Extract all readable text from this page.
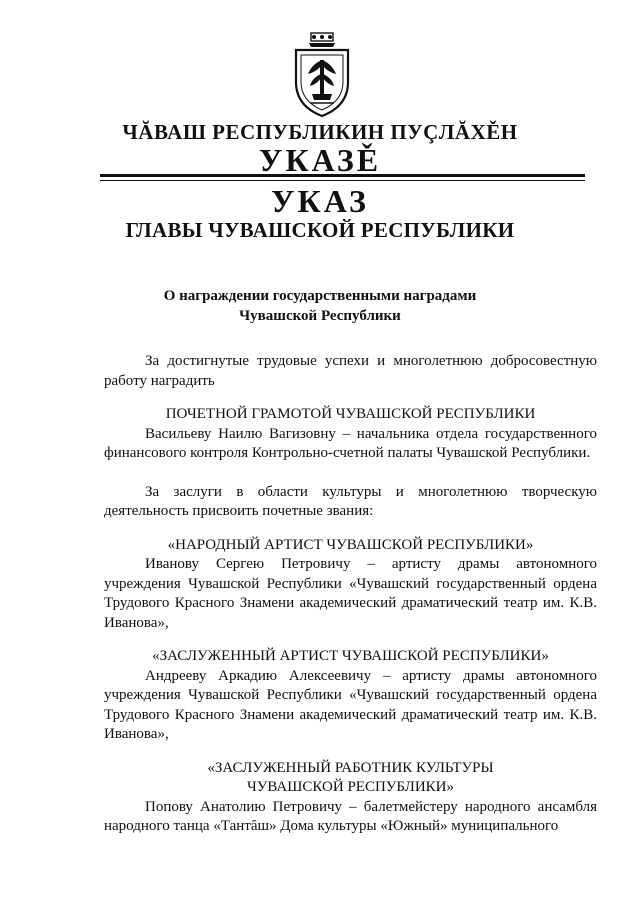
ЧĂВАШ РЕСПУБЛИКИН ПУÇЛĂХĚН
УКАЗĚ
УКАЗ
ГЛАВЫ ЧУВАШСКОЙ РЕСПУБЛИКИ
О награждении государственными наградами
Чувашской Республики

За достигнутые трудовые успехи и многолетнюю добросовестную работу наградить

ПОЧЕТНОЙ ГРАМОТОЙ ЧУВАШСКОЙ РЕСПУБЛИКИ

Васильеву Наилю Вагизовну – начальника отдела государственного финансового контроля Контрольно-счетной палаты Чувашской Республики.

За заслуги в области культуры и многолетнюю творческую деятельность присвоить почетные звания:

«НАРОДНЫЙ АРТИСТ ЧУВАШСКОЙ РЕСПУБЛИКИ»

Иванову Сергею Петровичу – артисту драмы автономного учреждения Чувашской Республики «Чувашский государственный ордена Трудового Красного Знамени академический драматический театр им. К.В. Иванова»,

«ЗАСЛУЖЕННЫЙ АРТИСТ ЧУВАШСКОЙ РЕСПУБЛИКИ»

Андрееву Аркадию Алексеевичу – артисту драмы автономного учреждения Чувашской Республики «Чувашский государственный ордена Трудового Красного Знамени академический драматический театр им. К.В. Иванова»,

«ЗАСЛУЖЕННЫЙ РАБОТНИК КУЛЬТУРЫ

ЧУВАШСКОЙ РЕСПУБЛИКИ»

Попову Анатолию Петровичу – балетмейстеру народного ансамбля народного танца «Тантăш» Дома культуры «Южный» муниципального
